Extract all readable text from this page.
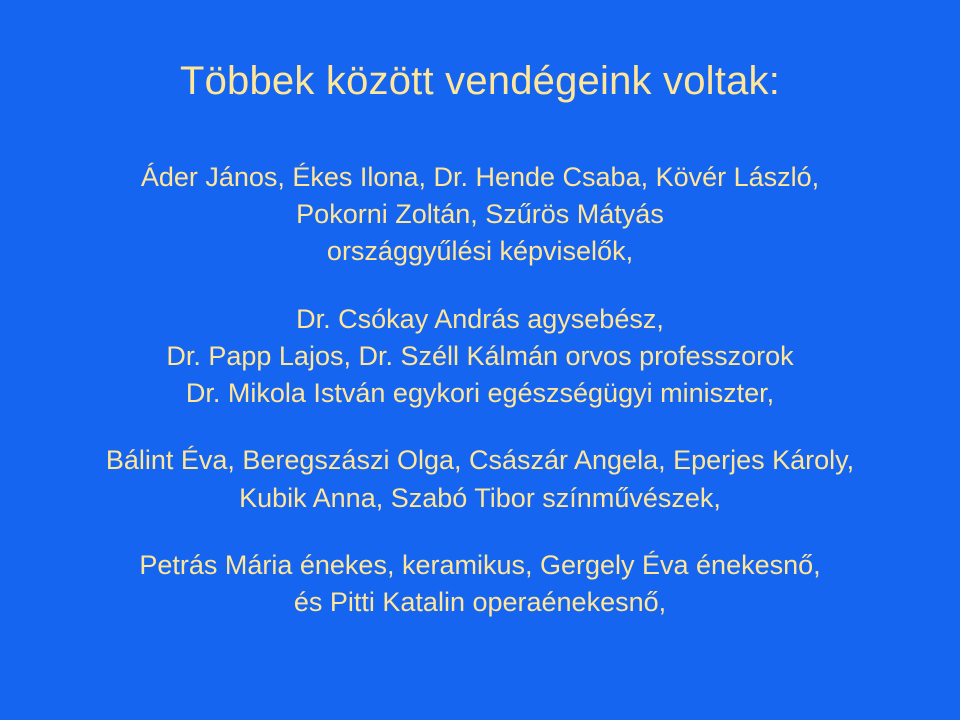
Többek között vendégeink voltak:
Áder János, Ékes Ilona, Dr. Hende Csaba, Kövér László,
Pokorni Zoltán, Szűrös Mátyás
országgyűlési képviselők,
Dr. Csókay András agysebész,
Dr. Papp Lajos, Dr. Széll Kálmán orvos professzorok
Dr. Mikola István egykori egészségügyi miniszter,
Bálint Éva, Beregszászi Olga, Császár Angela, Eperjes Károly,
Kubik Anna, Szabó Tibor színművészek,
Petrás Mária énekes, keramikus, Gergely Éva énekesnő,
és Pitti Katalin operaénekesnő,
